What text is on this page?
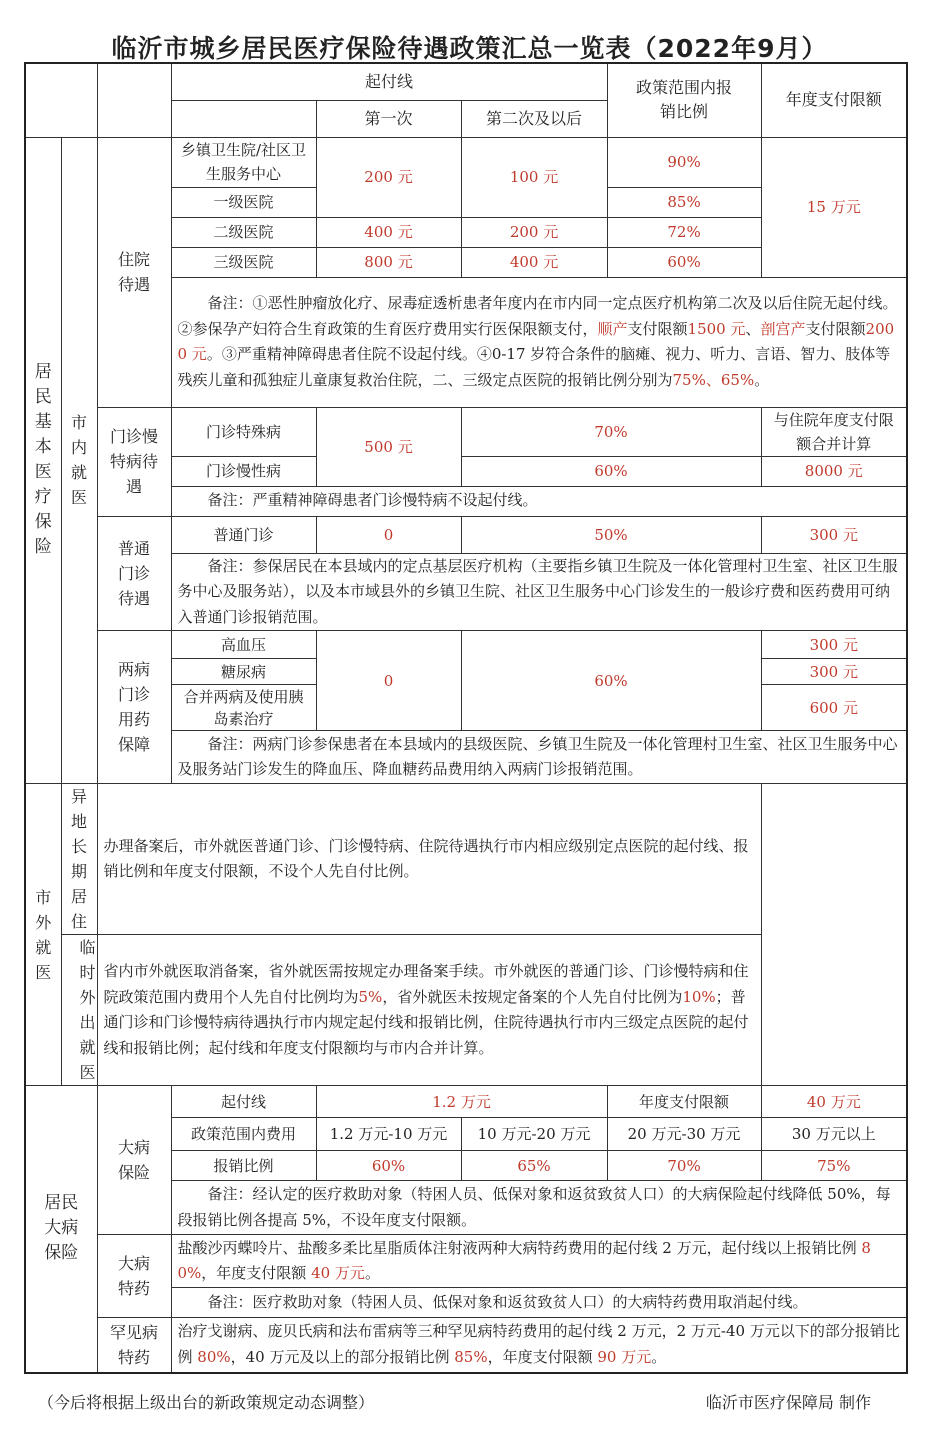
临沂市城乡居民医疗保险待遇政策汇总一览表（2022年9月）
			起付线			政策范围内报销比例	年度支付限额
				第一次	第二次及以后		
居民基本医疗保险	市内就医	住院待遇	乡镇卫生院/社区卫生服务中心	200 元	100 元	90%	15 万元
			一级医院			85%	
			二级医院	400 元	200 元	72%	
			三级医院	800 元	400 元	60%	
			备注：①恶性肿瘤放化疗、尿毒症透析患者年度内在市内同一定点医疗机构第二次及以后住院无起付线。②参保孕产妇符合生育政策的生育医疗费用实行医保限额支付，顺产支付限额1500 元、剖宫产支付限额2000 元。③严重精神障碍患者住院不设起付线。④0-17 岁符合条件的脑瘫、视力、听力、言语、智力、肢体等残疾儿童和孤独症儿童康复救治住院，二、三级定点医院的报销比例分别为75%、65%。				
		门诊慢特病待遇	门诊特殊病	500 元	70%		与住院年度支付限额合并计算
			门诊慢性病		60%		8000 元
			备注：严重精神障碍患者门诊慢特病不设起付线。				
		普通门诊待遇	普通门诊	0	50%		300 元
			备注：参保居民在本县域内的定点基层医疗机构（主要指乡镇卫生院及一体化管理村卫生室、社区卫生服务中心及服务站），以及本市域县外的乡镇卫生院、社区卫生服务中心门诊发生的一般诊疗费和医药费用可纳入普通门诊报销范围。				
		两病门诊用药保障	高血压	0	60%		300 元
			糖尿病				300 元
			合并两病及使用胰岛素治疗				600 元
			备注：两病门诊参保患者在本县域内的县级医院、乡镇卫生院及一体化管理村卫生室、社区卫生服务中心及服务站门诊发生的降血压、降血糖药品费用纳入两病门诊报销范围。				
市外就医	异地长期居住	办理备案后，市外就医普通门诊、门诊慢特病、住院待遇执行市内相应级别定点医院的起付线、报销比例和年度支付限额，不设个人先自付比例。					
	临时外出就医	省内市外就医取消备案，省外就医需按规定办理备案手续。市外就医的普通门诊、门诊慢特病和住院政策范围内费用个人先自付比例均为5%，省外就医未按规定备案的个人先自付比例为10%；普通门诊和门诊慢特病待遇执行市内规定起付线和报销比例，住院待遇执行市内三级定点医院的起付线和报销比例；起付线和年度支付限额均与市内合并计算。					
居民大病保险		大病保险	起付线	1.2 万元		年度支付限额	40 万元
			政策范围内费用	1.2 万元-10 万元	10 万元-20 万元	20 万元-30 万元	30 万元以上
			报销比例	60%	65%	70%	75%
			备注：经认定的医疗救助对象（特困人员、低保对象和返贫致贫人口）的大病保险起付线降低 50%，每段报销比例各提高 5%，不设年度支付限额。				
		大病特药	盐酸沙丙蝶呤片、盐酸多柔比星脂质体注射液两种大病特药费用的起付线 2 万元，起付线以上报销比例 80%，年度支付限额 40 万元。				
			备注：医疗救助对象（特困人员、低保对象和返贫致贫人口）的大病特药费用取消起付线。				
		罕见病特药	治疗戈谢病、庞贝氏病和法布雷病等三种罕见病特药费用的起付线 2 万元，2 万元-40 万元以下的部分报销比例 80%，40 万元及以上的部分报销比例 85%，年度支付限额 90 万元。				
（今后将根据上级出台的新政策规定动态调整）	临沂市医疗保障局 制作
